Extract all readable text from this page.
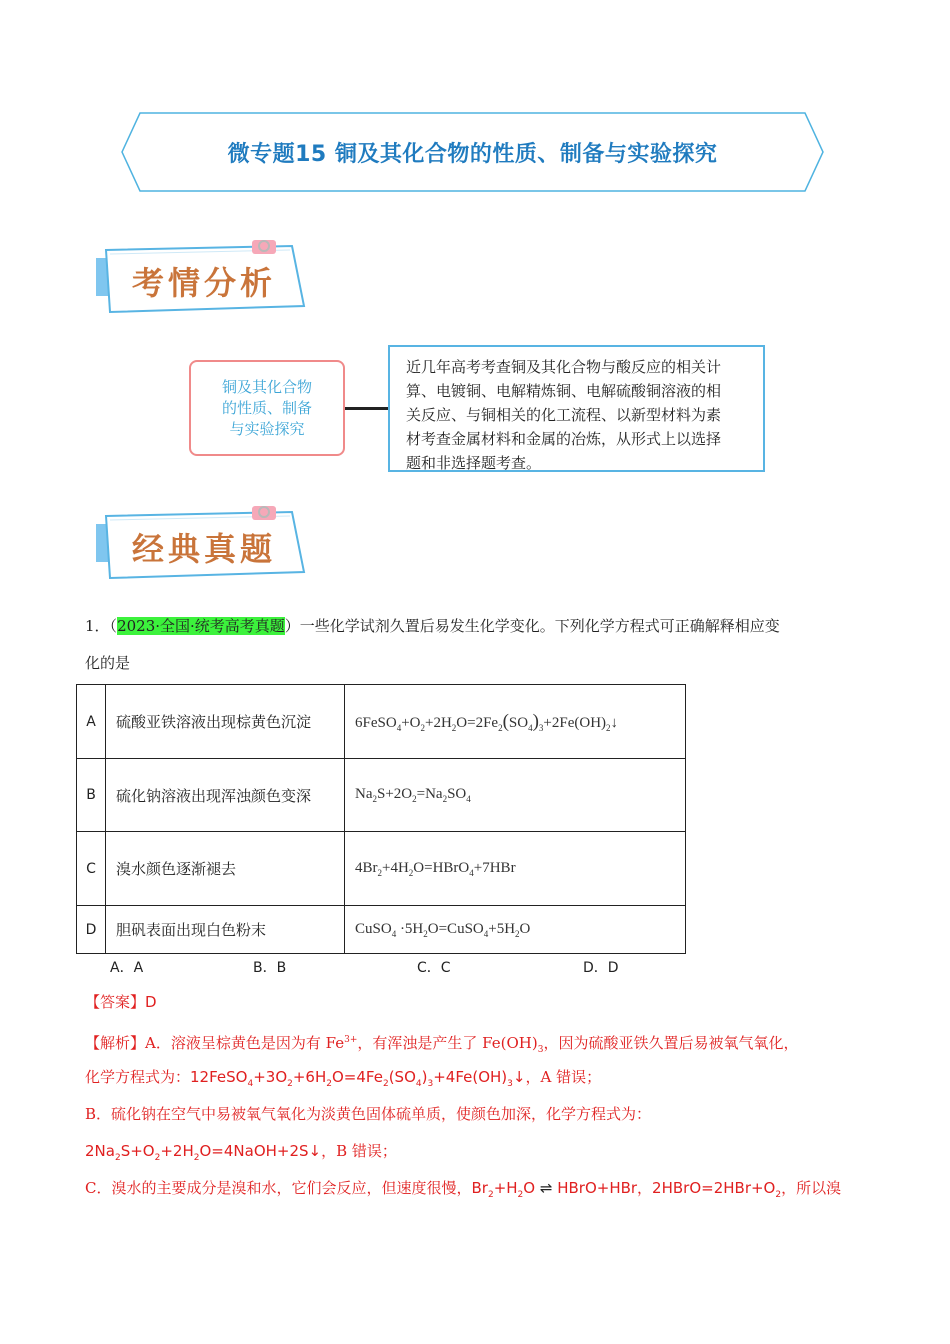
微专题15 铜及其化合物的性质、制备与实验探究
考情分析
铜及其化合物
的性质、制备
与实验探究
近几年高考考查铜及其化合物与酸反应的相关计
算、电镀铜、电解精炼铜、电解硫酸铜溶液的相
关反应、与铜相关的化工流程、以新型材料为素
材考查金属材料和金属的冶炼，从形式上以选择
题和非选择题考查。
经典真题
1．（2023·全国·统考高考真题）一些化学试剂久置后易发生化学变化。下列化学方程式可正确解释相应变
化的是
A	硫酸亚铁溶液出现棕黄色沉淀	$6FeSO_4+O_2+2H_2O=2Fe_2(SO_4)_3+2Fe(OH)_2↓$
B	硫化钠溶液出现浑浊颜色变深	$Na_2S+2O_2=Na_2SO_4$
C	溴水颜色逐渐褪去	$4Br_2+4H_2O=HBrO_4+7HBr$
D	胆矾表面出现白色粉末	CuSO$_4$ $\cdot 5H_2O=CuSO_4+5H_2O$
A．A	B．B	C．C	D．D
【答案】D
【解析】A．溶液呈棕黄色是因为有 $Fe^{3+}$，有浑浊是产生了 $Fe(OH)_3$，因为硫酸亚铁久置后易被氧气氧化，
化学方程式为：$12FeSO_4+3O_2+6H_2O=4Fe_2(SO_4)_3+4Fe(OH)_3↓$，A 错误；
B．硫化钠在空气中易被氧气氧化为淡黄色固体硫单质，使颜色加深，化学方程式为：
$2Na_2S+O_2+2H_2O=4NaOH+2S↓$，B 错误；
C．溴水的主要成分是溴和水，它们会反应，但速度很慢，$Br_2+H_2O$ ⇌ HBrO+HBr，$2HBrO=2HBr+O_2$，所以溴
